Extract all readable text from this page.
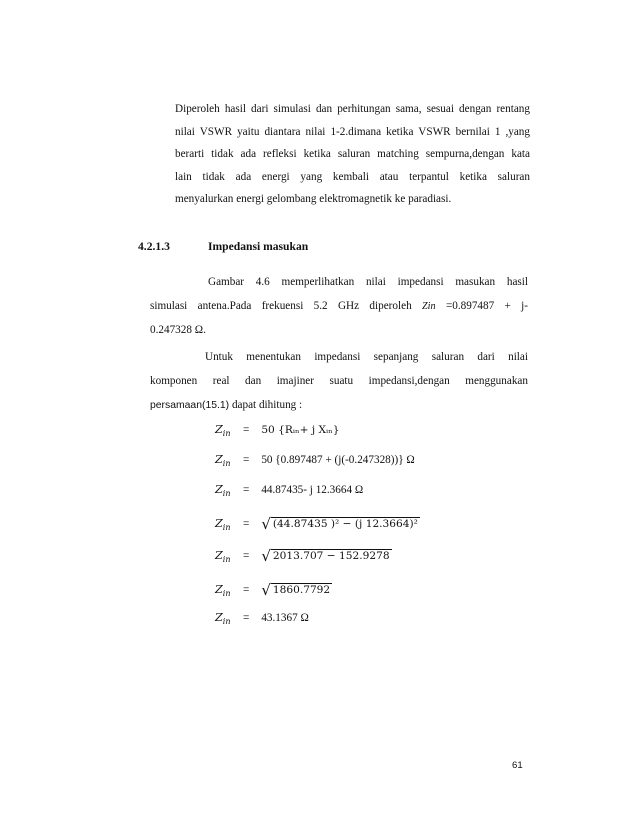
Diperoleh hasil dari simulasi dan perhitungan sama, sesuai dengan rentang
nilai VSWR yaitu diantara nilai 1-2.dimana ketika VSWR bernilai 1 ,yang
berarti tidak ada refleksi ketika saluran matching sempurna,dengan kata
lain tidak ada energi yang kembali atau terpantul ketika saluran
menyalurkan energi gelombang elektromagnetik ke paradiasi.
4.2.1.3	Impedansi masukan
Gambar 4.6 memperlihatkan nilai impedansi masukan hasil
simulasi antena.Pada frekuensi 5.2 GHz diperoleh Zin =0.897487 + j-
0.247328 Ω.
Untuk menentukan impedansi sepanjang saluran dari nilai
komponen real dan imajiner suatu impedansi,dengan menggunakan
persamaan(15.1) dapat dihitung :
$Z_{in} = 50$ {Rᵢₙ+ j Xᵢₙ}
$Z_{in} = 50$ {0.897487 + (j(-0.247328))} Ω
$Z_{in} = 44.87435-$ j 12.3664 Ω
$Z_{in}$ = √ (44.87435 )² − (j 12.3664)²
$Z_{in}$ = √ 2013.707 − 152.9278
$Z_{in}$ = √ 1860.7792
$Z_{in} = 43.1367$ Ω
61
